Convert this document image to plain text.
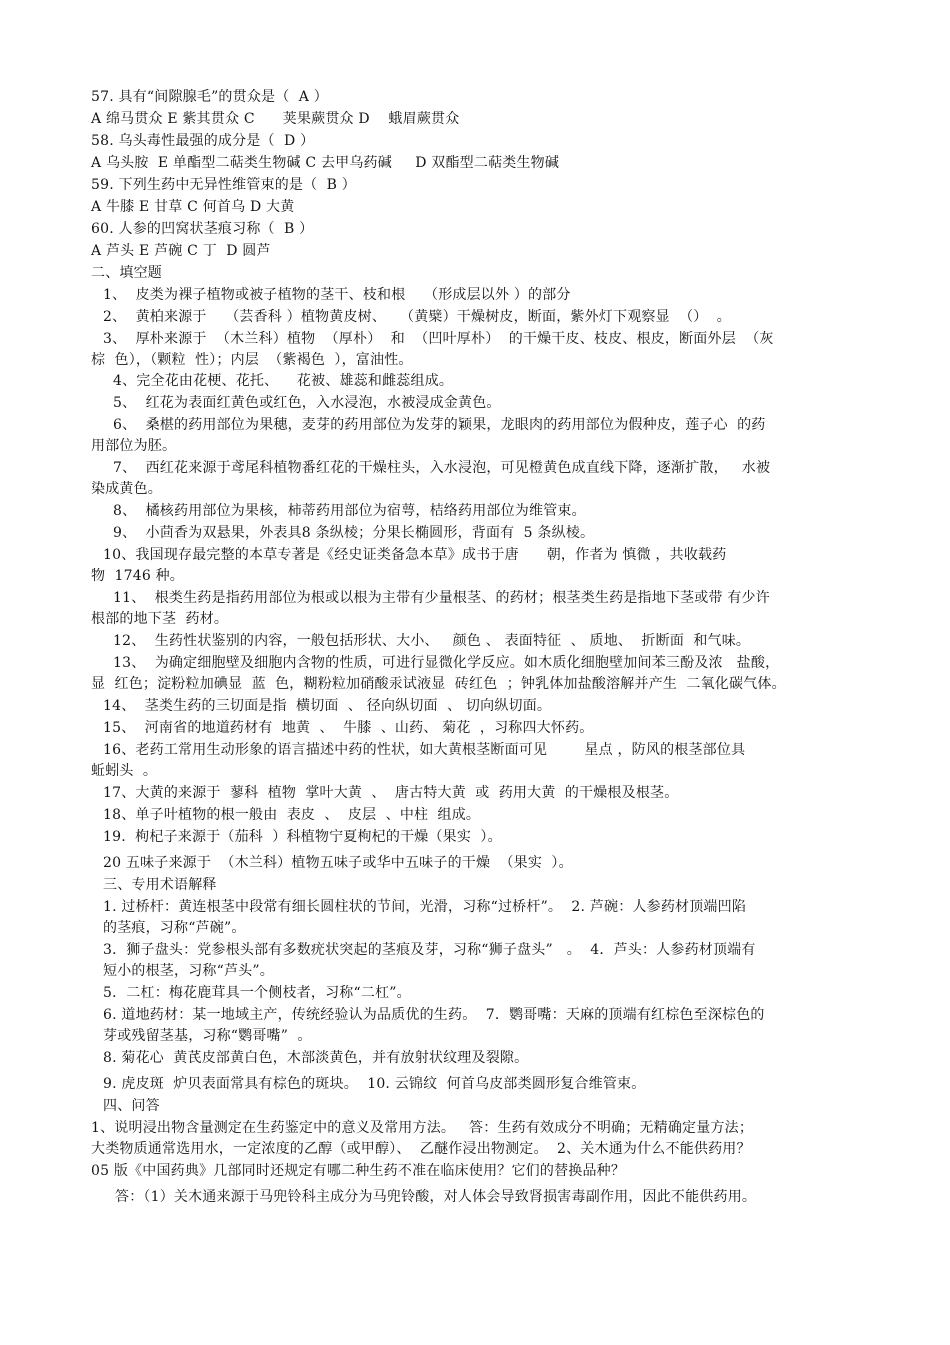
57. 具有“间隙腺毛”的贯众是（  A ）
A 绵马贯众 E 紫其贯众 C      荚果蕨贯众 D    蛾眉蕨贯众
58. 乌头毒性最强的成分是（  D ）
A 乌头胺  E 单酯型二萜类生物碱 C 去甲乌药碱     D 双酯型二萜类生物碱
59. 下列生药中无异性维管束的是（  B ）
A 牛膝 E 甘草 C 何首乌 D 大黄
60. 人参的凹窝状茎痕习称（  B ）
A 芦头 E 芦碗 C 丁  D 圆芦
二、填空题
1、  皮类为裸子植物或被子植物的茎干、枝和根    （形成层以外 ）的部分
2、  黄柏来源于    （芸香科 ）植物黄皮树、   （黄檗）干燥树皮，断面，紫外灯下观察显  （）  。
3、  厚朴来源于  （木兰科）植物  （厚朴）  和  （凹叶厚朴）  的干燥干皮、枝皮、根皮，断面外层  （灰
棕  色），（颗粒  性）；内层  （紫褐色  ），富油性。
4、完全花由花梗、花托、    花被、雄蕊和雌蕊组成。
5、  红花为表面红黄色或红色，入水浸泡，水被浸成金黄色。
6、  桑椹的药用部位为果穗，麦芽的药用部位为发芽的颖果，龙眼肉的药用部位为假种皮，莲子心  的药
用部位为胚。
7、  西红花来源于鸢尾科植物番红花的干燥柱头，入水浸泡，可见橙黄色成直线下降，逐渐扩散，   水被
染成黄色。
8、  橘核药用部位为果核，柿蒂药用部位为宿萼，桔络药用部位为维管束。
9、  小茴香为双悬果，外表具8 条纵棱；分果长椭圆形，背面有  5 条纵棱。
10、我国现存最完整的本草专著是《经史证类备急本草》成书于唐      朝，作者为 慎微 ，共收载药
物  1746 种。
11、  根类生药是指药用部位为根或以根为主带有少量根茎、的药材；根茎类生药是指地下茎或带 有少许
根部的地下茎  药材。
12、  生药性状鉴别的内容，一般包括形状、大小、   颜色 、 表面特征  、 质地、  折断面  和气味。
13、  为确定细胞壁及细胞内含物的性质，可进行显微化学反应。如木质化细胞壁加间苯三酚及浓   盐酸，
显  红色；淀粉粒加碘显  蓝  色，糊粉粒加硝酸汞试液显  砖红色  ；钟乳体加盐酸溶解并产生  二氧化碳气体。
14、  茎类生药的三切面是指  横切面  、 径向纵切面  、 切向纵切面。
15、  河南省的地道药材有  地黄  、  牛膝  、山药、 菊花  ，习称四大怀药。
16、老药工常用生动形象的语言描述中药的性状，如大黄根茎断面可见        星点 ，防风的根茎部位具
蚯蚓头  。
17、大黄的来源于  蓼科  植物  掌叶大黄  、  唐古特大黄  或  药用大黄  的干燥根及根茎。
18、单子叶植物的根一般由  表皮  、  皮层  、中柱  组成。
19.  枸杞子来源于（茄科  ）科植物宁夏枸杞的干燥（果实  ）。
20 五味子来源于  （木兰科）植物五味子或华中五味子的干燥  （果实  ）。
三、专用术语解释
1. 过桥杆：黄连根茎中段常有细长圆柱状的节间，光滑，习称“过桥杆”。  2. 芦碗：人参药材顶端凹陷
的茎痕，习称“芦碗”。
3．狮子盘头：党参根头部有多数疣状突起的茎痕及芽，习称“狮子盘头”   。  4．芦头：人参药材顶端有
短小的根茎，习称“芦头”。
5．二杠：梅花鹿茸具一个侧枝者，习称“二杠”。
6. 道地药材：某一地域主产，传统经验认为品质优的生药。  7．鹦哥嘴：天麻的顶端有红棕色至深棕色的
芽或残留茎基，习称“鹦哥嘴”  。
8. 菊花心  黄芪皮部黄白色，木部淡黄色，并有放射状纹理及裂隙。
9. 虎皮斑  炉贝表面常具有棕色的斑块。  10. 云锦纹  何首乌皮部类圆形复合维管束。
四、问答
1、说明浸出物含量测定在生药鉴定中的意义及常用方法。   答：生药有效成分不明确；无精确定量方法；
大类物质通常选用水，一定浓度的乙醇（或甲醇）、  乙醚作浸出物测定。  2、关木通为什么不能供药用？
05 版《中国药典》几部同时还规定有哪二种生药不准在临床使用？它们的替换品种？
答：（1）关木通来源于马兜铃科主成分为马兜铃酸，对人体会导致肾损害毒副作用，因此不能供药用。
